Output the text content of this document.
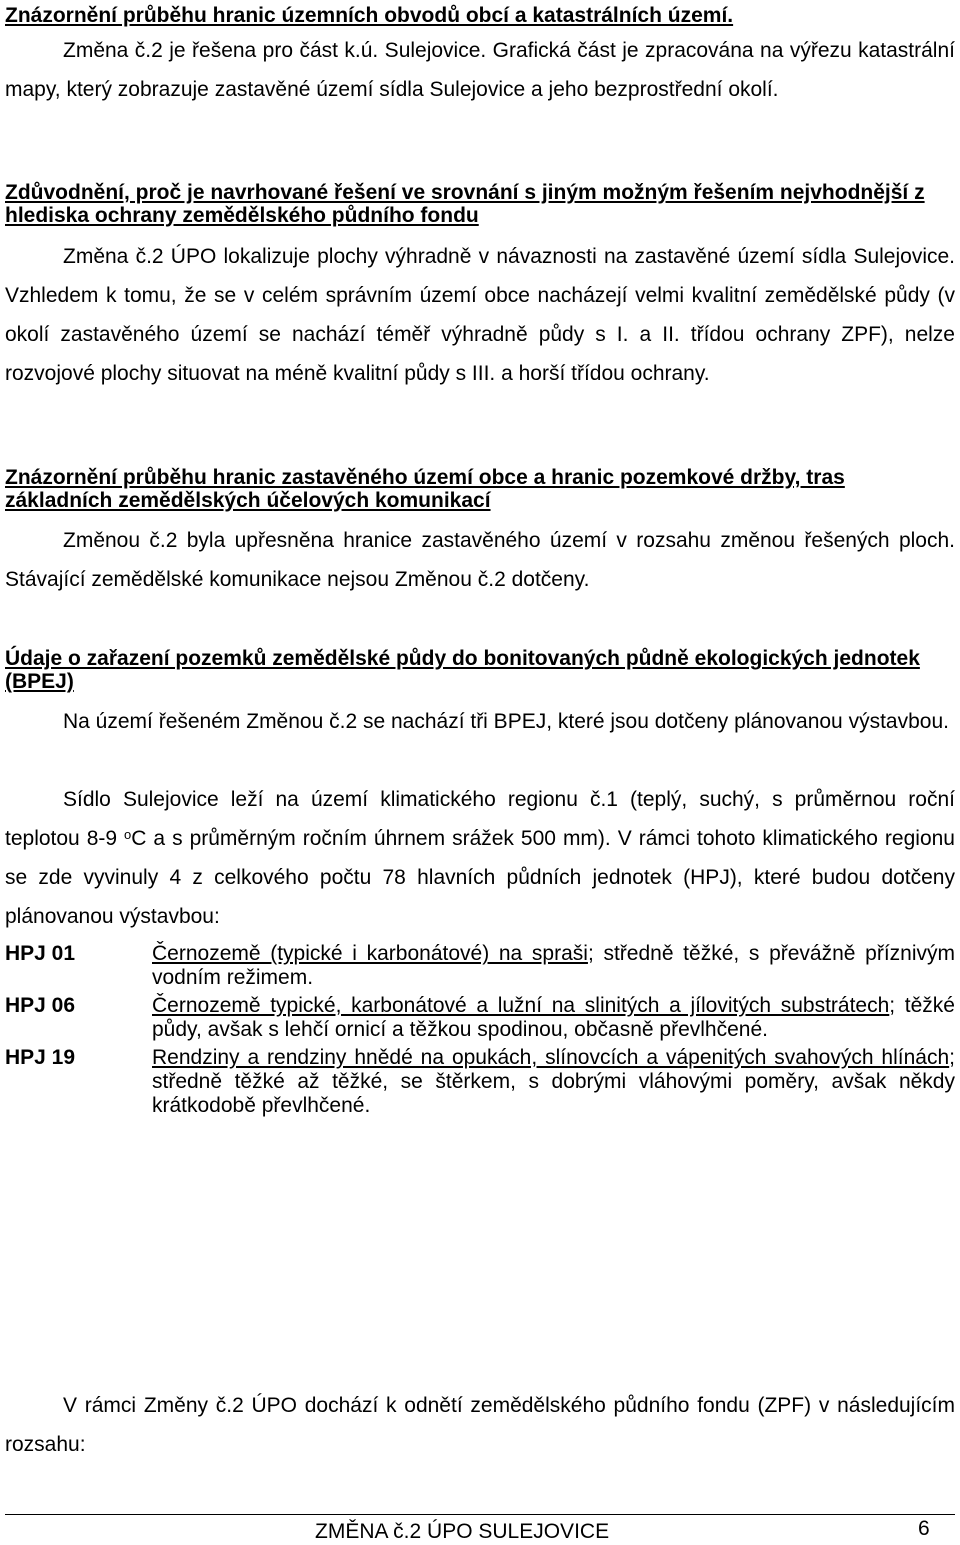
Znázornění průběhu hranic územních obvodů obcí a katastrálních území.
Změna č.2 je řešena pro část k.ú. Sulejovice. Grafická část je zpracována na výřezu katastrální mapy, který zobrazuje zastavěné území sídla Sulejovice a jeho bezprostřední okolí.
Zdůvodnění, proč je navrhované řešení ve srovnání s jiným možným řešením nejvhodnější z hlediska ochrany zemědělského půdního fondu
Změna č.2 ÚPO lokalizuje plochy výhradně v návaznosti na zastavěné území sídla Sulejovice. Vzhledem k tomu, že se v celém správním území obce nacházejí velmi kvalitní zemědělské půdy (v okolí zastavěného území se nachází téměř výhradně půdy s I. a II. třídou ochrany ZPF), nelze rozvojové plochy situovat na méně kvalitní půdy s III. a horší třídou ochrany.
Znázornění průběhu hranic zastavěného území obce a hranic pozemkové držby, tras základních zemědělských účelových komunikací
Změnou č.2 byla upřesněna hranice zastavěného území v rozsahu změnou řešených ploch. Stávající zemědělské komunikace nejsou Změnou č.2 dotčeny.
Údaje o zařazení pozemků zemědělské půdy do bonitovaných půdně ekologických jednotek (BPEJ)
Na území řešeném Změnou č.2 se nachází tři BPEJ, které jsou dotčeny plánovanou výstavbou.
Sídlo Sulejovice leží na území klimatického regionu č.1 (teplý, suchý, s průměrnou roční teplotou 8-9 $^o$C a s průměrným ročním úhrnem srážek 500 mm). V rámci tohoto klimatického regionu se zde vyvinuly 4 z celkového počtu 78 hlavních půdních jednotek (HPJ), které budou dotčeny plánovanou výstavbou:
HPJ 01	Černozemě (typické i karbonátové) na spraši; středně těžké, s převážně příznivým vodním režimem.
HPJ 06	Černozemě typické, karbonátové a lužní na slinitých a jílovitých substrátech; těžké půdy, avšak s lehčí ornicí a těžkou spodinou, občasně převlhčené.
HPJ 19	Rendziny a rendziny hnědé na opukách, slínovcích a vápenitých svahových hlínách; středně těžké až těžké, se štěrkem, s dobrými vláhovými poměry, avšak někdy krátkodobě převlhčené.
V rámci Změny č.2 ÚPO dochází k odnětí zemědělského půdního fondu (ZPF) v následujícím rozsahu:
ZMĚNA č.2 ÚPO SULEJOVICE	6
